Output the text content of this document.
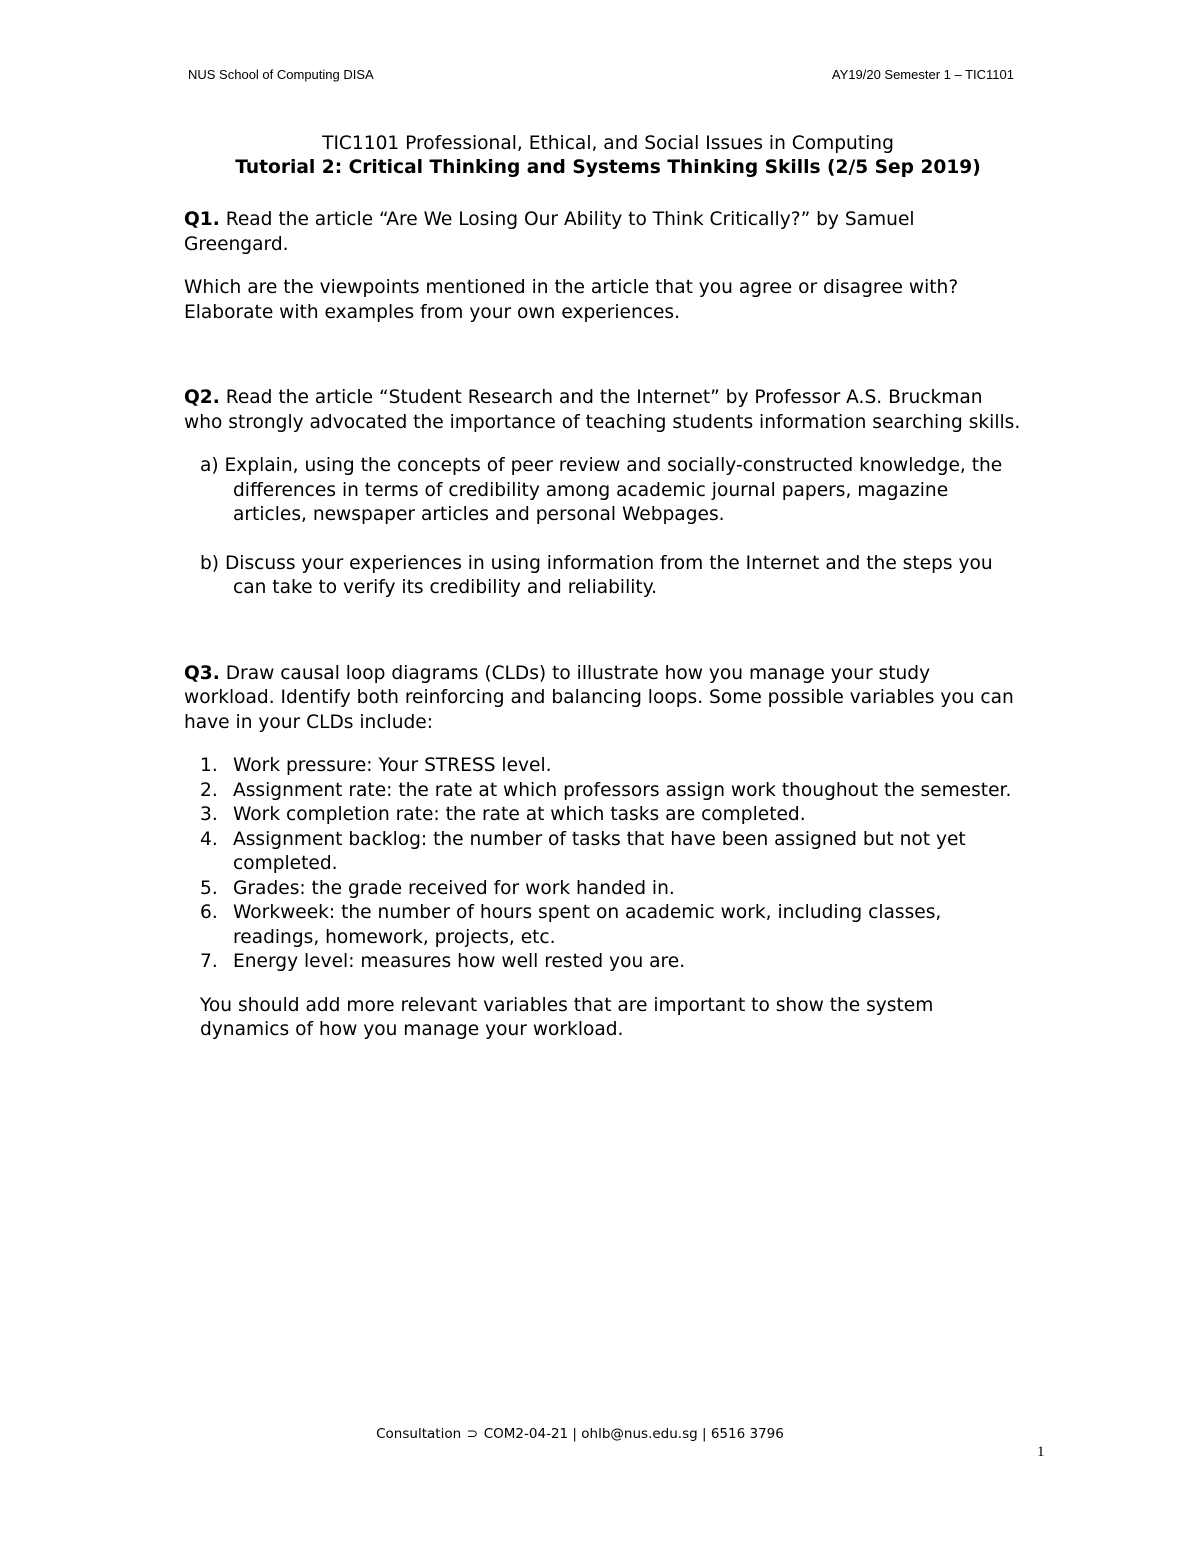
NUS School of Computing DISA	AY19/20 Semester 1 – TIC1101

TIC1101 Professional, Ethical, and Social Issues in Computing

Tutorial 2: Critical Thinking and Systems Thinking Skills (2/5 Sep 2019)

Q1. Read the article “Are We Losing Our Ability to Think Critically?” by Samuel Greengard.

Which are the viewpoints mentioned in the article that you agree or disagree with? Elaborate with examples from your own experiences.

Q2. Read the article “Student Research and the Internet” by Professor A.S. Bruckman who strongly advocated the importance of teaching students information searching skills.

a) Explain, using the concepts of peer review and socially-constructed knowledge, the differences in terms of credibility among academic journal papers, magazine articles, newspaper articles and personal Webpages.

b) Discuss your experiences in using information from the Internet and the steps you can take to verify its credibility and reliability.

Q3. Draw causal loop diagrams (CLDs) to illustrate how you manage your study workload. Identify both reinforcing and balancing loops. Some possible variables you can have in your CLDs include:

1. Work pressure: Your STRESS level.
2. Assignment rate: the rate at which professors assign work thoughout the semester.
3. Work completion rate: the rate at which tasks are completed.
4. Assignment backlog: the number of tasks that have been assigned but not yet completed.
5. Grades: the grade received for work handed in.
6. Workweek: the number of hours spent on academic work, including classes, readings, homework, projects, etc.
7. Energy level: measures how well rested you are.

You should add more relevant variables that are important to show the system dynamics of how you manage your workload.

Consultation ⊃ COM2-04-21 | ohlb@nus.edu.sg | 6516 3796
1
